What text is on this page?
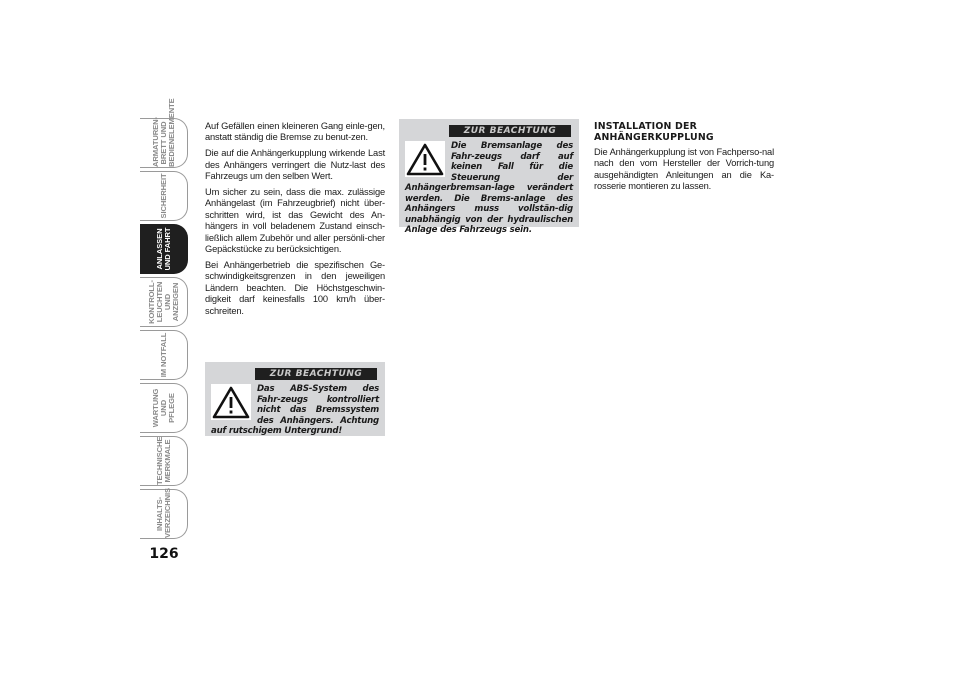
ARMATUREN-
BRETT UND
BEDIENELEMENTE
SICHERHEIT
ANLASSEN
UND FAHRT
KONTROLL-
LEUCHTEN UND
ANZEIGEN
IM NOTFALL
WARTUNG UND
PFLEGE
TECHNISCHE
MERKMALE
INHALTS-
VERZEICHNIS
126

Auf Gefällen einen kleineren Gang einle-gen, anstatt ständig die Bremse zu benut-zen.

Die auf die Anhängerkupplung wirkende Last des Anhängers verringert die Nutz-last des Fahrzeugs um den selben Wert.

Um sicher zu sein, dass die max. zulässige Anhängelast (im Fahrzeugbrief) nicht über-schritten wird, ist das Gewicht des An-hängers in voll beladenem Zustand einsch-ließlich allem Zubehör und aller persönli-cher Gepäckstücke zu berücksichtigen.

Bei Anhängerbetrieb die spezifischen Ge-schwindigkeitsgrenzen in den jeweiligen Ländern beachten. Die Höchstgeschwin-digkeit darf keinesfalls 100 km/h über-schreiten.

ZUR BEACHTUNG

Das ABS-System des Fahr-zeugs kontrolliert nicht das Bremssystem des Anhängers. Achtung auf rutschigem Untergrund!

ZUR BEACHTUNG

Die Bremsanlage des Fahr-zeugs darf auf keinen Fall für die Steuerung der Anhängerbremsan-lage verändert werden. Die Brems-anlage des Anhängers muss vollstän-dig unabhängig von der hydraulischen Anlage des Fahrzeugs sein.

INSTALLATION DER
ANHÄNGERKUPPLUNG

Die Anhängerkupplung ist von Fachperso-nal nach den vom Hersteller der Vorrich-tung ausgehändigten Anleitungen an die Ka-rosserie montieren zu lassen.
